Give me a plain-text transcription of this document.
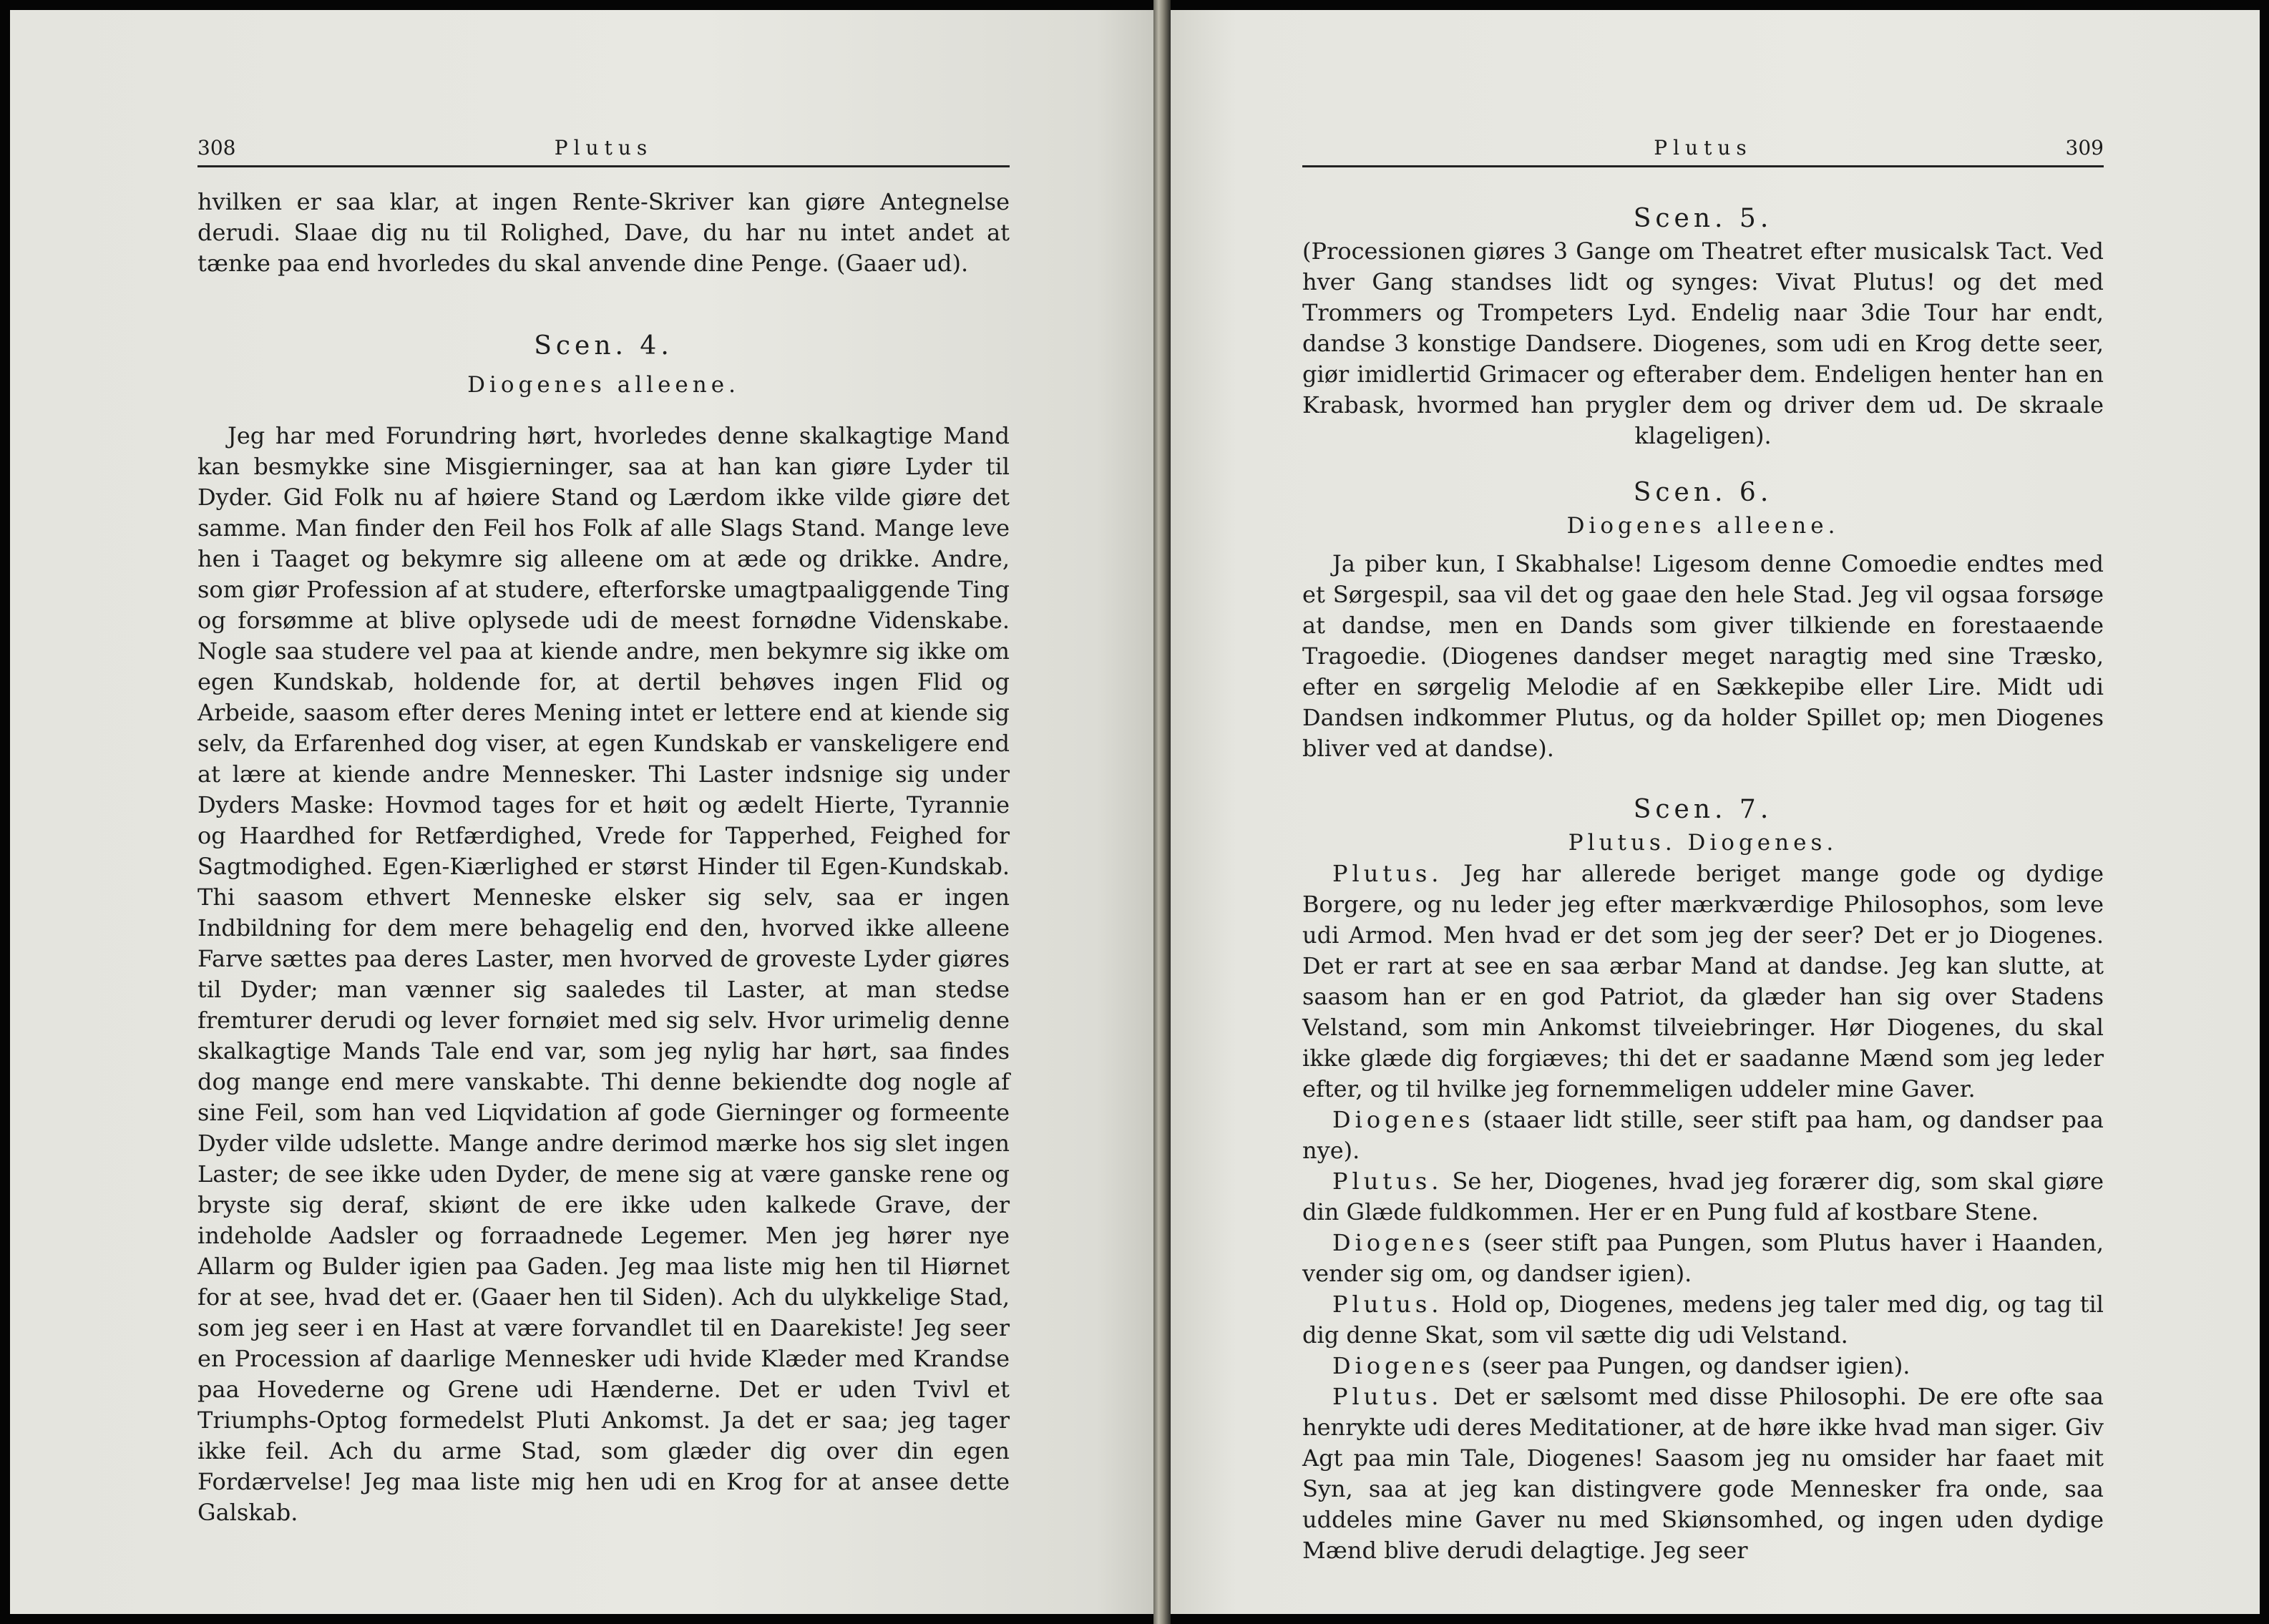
308	Plutus

hvilken er saa klar, at ingen Rente-Skriver kan giøre Antegnelse derudi. Slaae dig nu til Rolighed, Dave, du har nu intet andet at tænke paa end hvorledes du skal anvende dine Penge. (Gaaer ud).

Scen. 4.
Diogenes alleene.

Jeg har med Forundring hørt, hvorledes denne skalkagtige Mand kan besmykke sine Misgierninger, saa at han kan giøre Lyder til Dyder. Gid Folk nu af høiere Stand og Lærdom ikke vilde giøre det samme. Man finder den Feil hos Folk af alle Slags Stand. Mange leve hen i Taaget og bekymre sig alleene om at æde og drikke. Andre, som giør Profession af at studere, efterforske umagtpaaliggende Ting og forsømme at blive oplysede udi de meest fornødne Videnskabe. Nogle saa studere vel paa at kiende andre, men bekymre sig ikke om egen Kundskab, holdende for, at dertil behøves ingen Flid og Arbeide, saasom efter deres Mening intet er lettere end at kiende sig selv, da Erfarenhed dog viser, at egen Kundskab er vanskeligere end at lære at kiende andre Mennesker. Thi Laster indsnige sig under Dyders Maske: Hovmod tages for et høit og ædelt Hierte, Tyrannie og Haardhed for Retfærdighed, Vrede for Tapperhed, Feighed for Sagtmodighed. Egen-Kiærlighed er størst Hinder til Egen-Kundskab. Thi saasom ethvert Menneske elsker sig selv, saa er ingen Indbildning for dem mere behagelig end den, hvorved ikke alleene Farve sættes paa deres Laster, men hvorved de groveste Lyder giøres til Dyder; man vænner sig saaledes til Laster, at man stedse fremturer derudi og lever fornøiet med sig selv. Hvor urimelig denne skalkagtige Mands Tale end var, som jeg nylig har hørt, saa findes dog mange end mere vanskabte. Thi denne bekiendte dog nogle af sine Feil, som han ved Liqvidation af gode Gierninger og formeente Dyder vilde udslette. Mange andre derimod mærke hos sig slet ingen Laster; de see ikke uden Dyder, de mene sig at være ganske rene og bryste sig deraf, skiønt de ere ikke uden kalkede Grave, der indeholde Aadsler og forraadnede Legemer. Men jeg hører nye Allarm og Bulder igien paa Gaden. Jeg maa liste mig hen til Hiørnet for at see, hvad det er. (Gaaer hen til Siden). Ach du ulykkelige Stad, som jeg seer i en Hast at være forvandlet til en Daarekiste! Jeg seer en Procession af daarlige Mennesker udi hvide Klæder med Krandse paa Hovederne og Grene udi Hænderne. Det er uden Tvivl et Triumphs-Optog formedelst Pluti Ankomst. Ja det er saa; jeg tager ikke feil. Ach du arme Stad, som glæder dig over din egen Fordærvelse! Jeg maa liste mig hen udi en Krog for at ansee dette Galskab.

Plutus	309
Scen. 5.

(Processionen giøres 3 Gange om Theatret efter musicalsk Tact. Ved hver Gang standses lidt og synges: Vivat Plutus! og det med Trommers og Trompeters Lyd. Endelig naar 3die Tour har endt, dandse 3 konstige Dandsere. Diogenes, som udi en Krog dette seer, giør imidlertid Grimacer og efteraber dem. Endeligen henter han en Krabask, hvormed han prygler dem og driver dem ud. De skraale klageligen).

Scen. 6.
Diogenes alleene.

Ja piber kun, I Skabhalse! Ligesom denne Comoedie endtes med et Sørgespil, saa vil det og gaae den hele Stad. Jeg vil ogsaa forsøge at dandse, men en Dands som giver tilkiende en forestaaende Tragoedie. (Diogenes dandser meget naragtig med sine Træsko, efter en sørgelig Melodie af en Sækkepibe eller Lire. Midt udi Dandsen indkommer Plutus, og da holder Spillet op; men Diogenes bliver ved at dandse).

Scen. 7.
Plutus. Diogenes.

Plutus. Jeg har allerede beriget mange gode og dydige Borgere, og nu leder jeg efter mærkværdige Philosophos, som leve udi Armod. Men hvad er det som jeg der seer? Det er jo Diogenes. Det er rart at see en saa ærbar Mand at dandse. Jeg kan slutte, at saasom han er en god Patriot, da glæder han sig over Stadens Velstand, som min Ankomst tilveiebringer. Hør Diogenes, du skal ikke glæde dig forgiæves; thi det er saadanne Mænd som jeg leder efter, og til hvilke jeg fornemmeligen uddeler mine Gaver.

Diogenes (staaer lidt stille, seer stift paa ham, og dandser paa nye).

Plutus. Se her, Diogenes, hvad jeg forærer dig, som skal giøre din Glæde fuldkommen. Her er en Pung fuld af kostbare Stene.

Diogenes (seer stift paa Pungen, som Plutus haver i Haanden, vender sig om, og dandser igien).

Plutus. Hold op, Diogenes, medens jeg taler med dig, og tag til dig denne Skat, som vil sætte dig udi Velstand.

Diogenes (seer paa Pungen, og dandser igien).

Plutus. Det er sælsomt med disse Philosophi. De ere ofte saa henrykte udi deres Meditationer, at de høre ikke hvad man siger. Giv Agt paa min Tale, Diogenes! Saasom jeg nu omsider har faaet mit Syn, saa at jeg kan distingvere gode Mennesker fra onde, saa uddeles mine Gaver nu med Skiønsomhed, og ingen uden dydige Mænd blive derudi delagtige. Jeg seer
